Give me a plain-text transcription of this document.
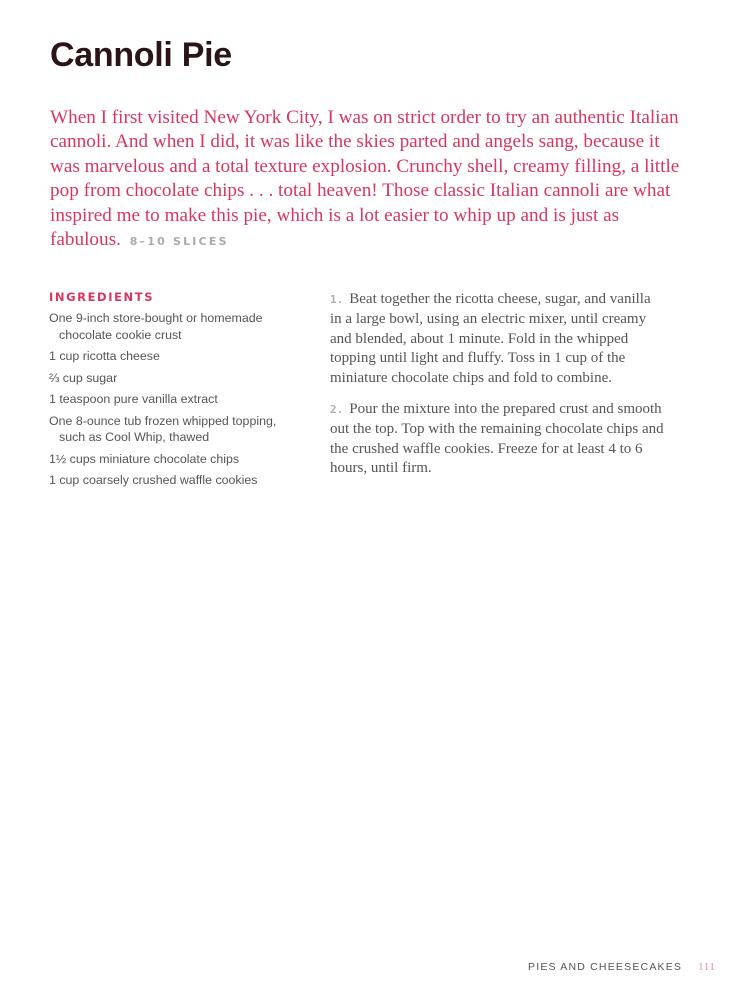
Cannoli Pie

When I first visited New York City, I was on strict order to try an authentic Italian cannoli. And when I did, it was like the skies parted and angels sang, because it was marvelous and a total texture explosion. Crunchy shell, creamy filling, a little pop from chocolate chips . . . total heaven! Those classic Italian cannoli are what inspired me to make this pie, which is a lot easier to whip up and is just as fabulous. 8–10 SLICES

INGREDIENTS
One 9-inch store-bought or homemade chocolate cookie crust
1 cup ricotta cheese
⅔ cup sugar
1 teaspoon pure vanilla extract
One 8-ounce tub frozen whipped topping, such as Cool Whip, thawed
1½ cups miniature chocolate chips
1 cup coarsely crushed waffle cookies

1. Beat together the ricotta cheese, sugar, and vanilla in a large bowl, using an electric mixer, until creamy and blended, about 1 minute. Fold in the whipped topping until light and fluffy. Toss in 1 cup of the miniature chocolate chips and fold to combine.

2. Pour the mixture into the prepared crust and smooth out the top. Top with the remaining chocolate chips and the crushed waffle cookies. Freeze for at least 4 to 6 hours, until firm.

PIES AND CHEESECAKES 111
